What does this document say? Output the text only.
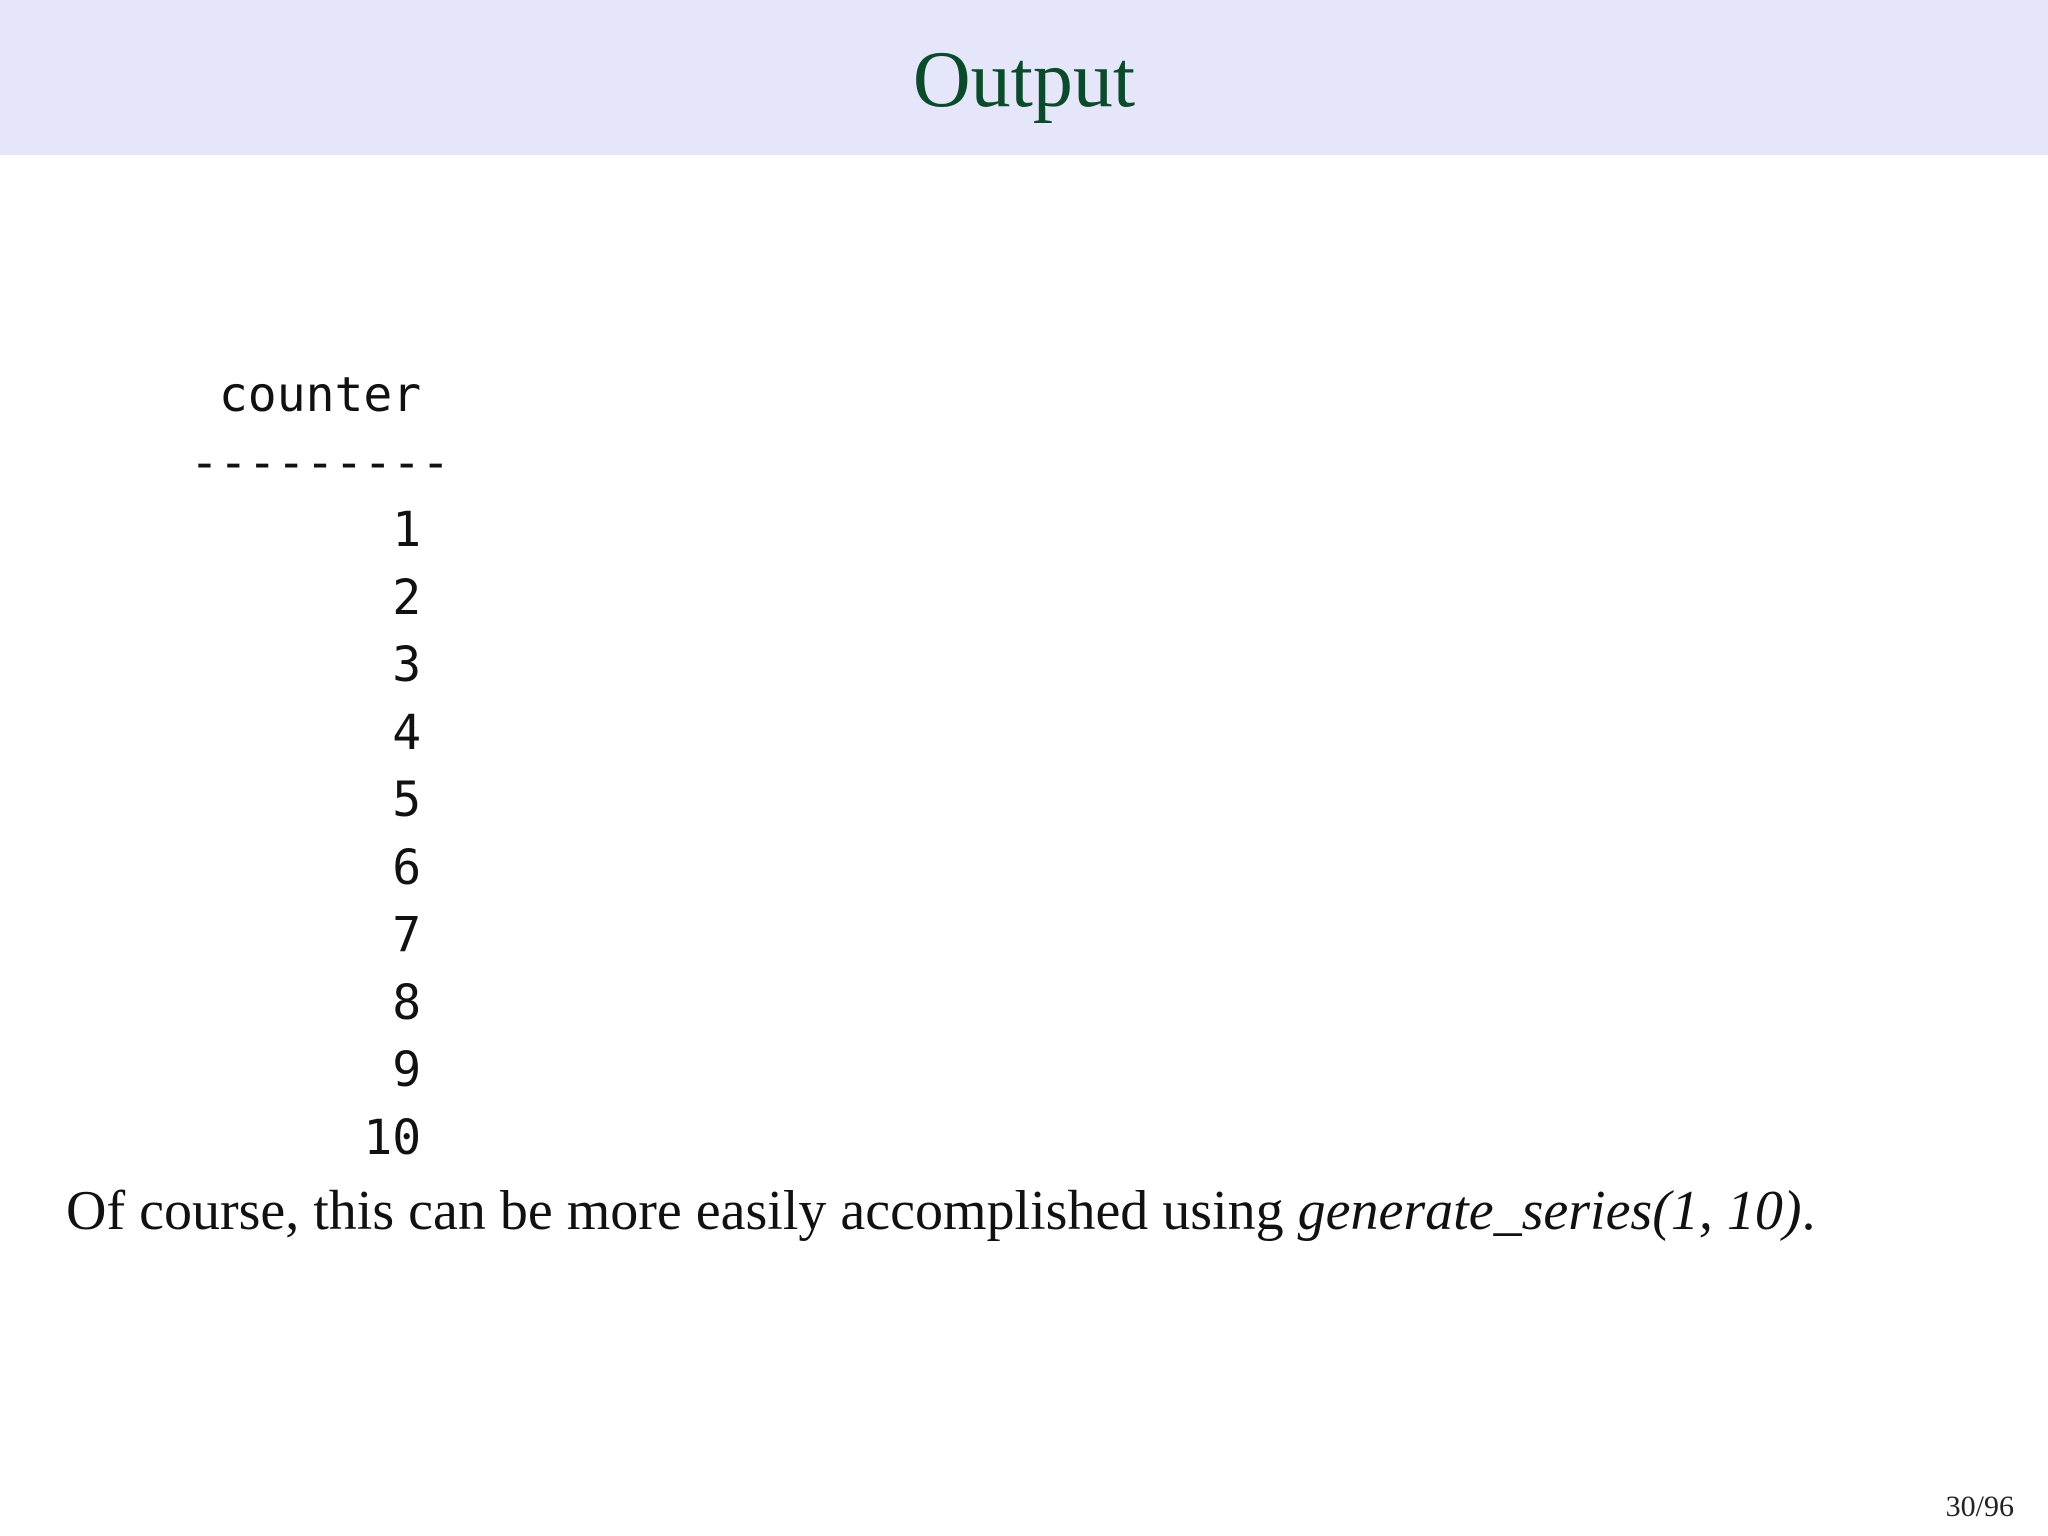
Output
counter
---------
1
2
3
4
5
6
7
8
9
10
Of course, this can be more easily accomplished using generate_series(1, 10).
30/96
